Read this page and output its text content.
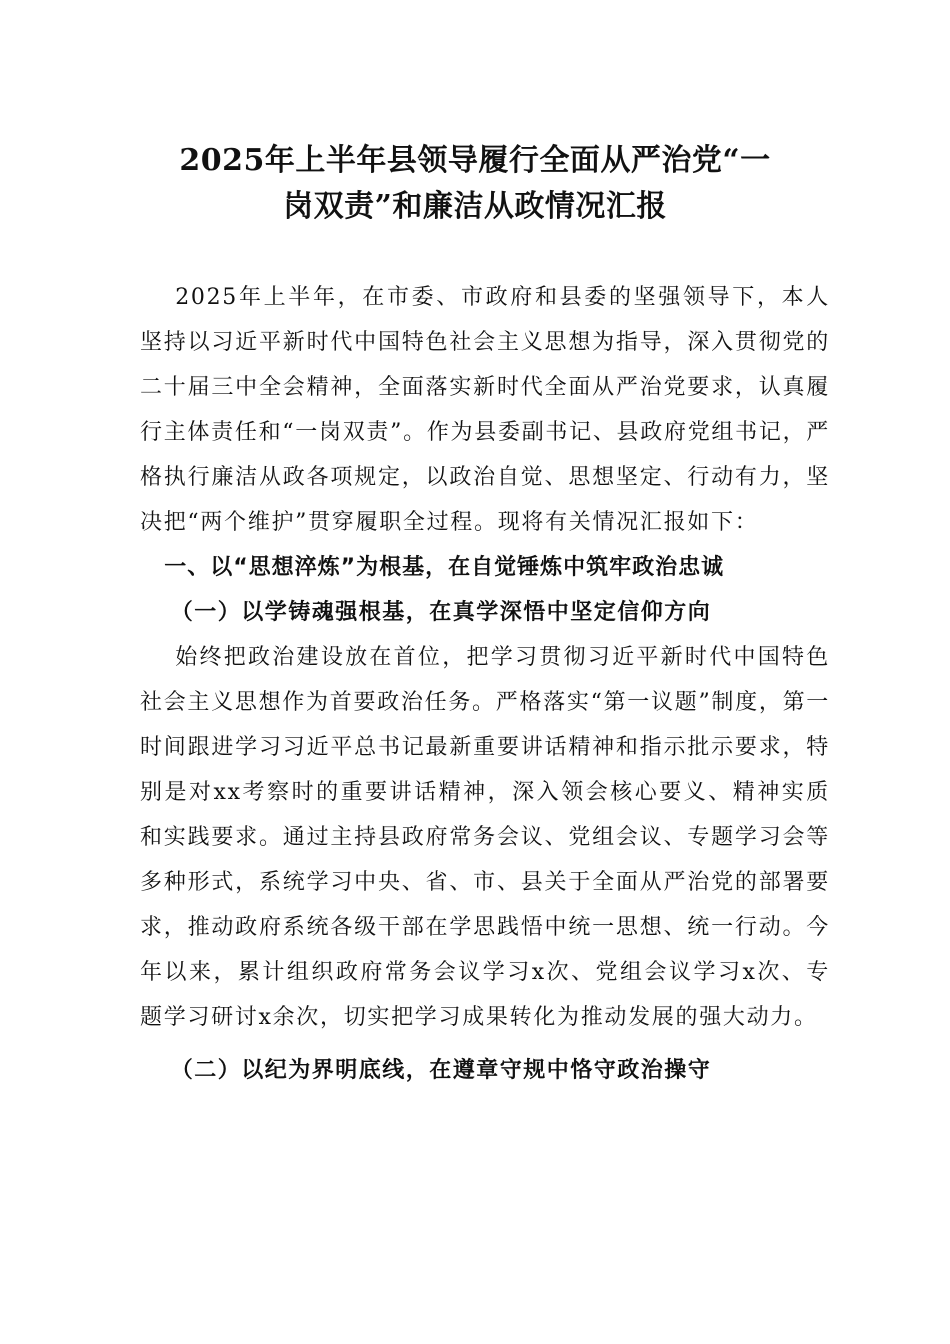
2025年上半年县领导履行全面从严治党“一
岗双责”和廉洁从政情况汇报

2025年上半年，在市委、市政府和县委的坚强领导下，本人坚持以习近平新时代中国特色社会主义思想为指导，深入贯彻党的二十届三中全会精神，全面落实新时代全面从严治党要求，认真履行主体责任和“一岗双责”。作为县委副书记、县政府党组书记，严格执行廉洁从政各项规定，以政治自觉、思想坚定、行动有力，坚决把“两个维护”贯穿履职全过程。现将有关情况汇报如下：

一、以“思想淬炼”为根基，在自觉锤炼中筑牢政治忠诚

（一）以学铸魂强根基，在真学深悟中坚定信仰方向

始终把政治建设放在首位，把学习贯彻习近平新时代中国特色社会主义思想作为首要政治任务。严格落实“第一议题”制度，第一时间跟进学习习近平总书记最新重要讲话精神和指示批示要求，特别是对xx考察时的重要讲话精神，深入领会核心要义、精神实质和实践要求。通过主持县政府常务会议、党组会议、专题学习会等多种形式，系统学习中央、省、市、县关于全面从严治党的部署要求，推动政府系统各级干部在学思践悟中统一思想、统一行动。今年以来，累计组织政府常务会议学习x次、党组会议学习x次、专题学习研讨x余次，切实把学习成果转化为推动发展的强大动力。

（二）以纪为界明底线，在遵章守规中恪守政治操守
